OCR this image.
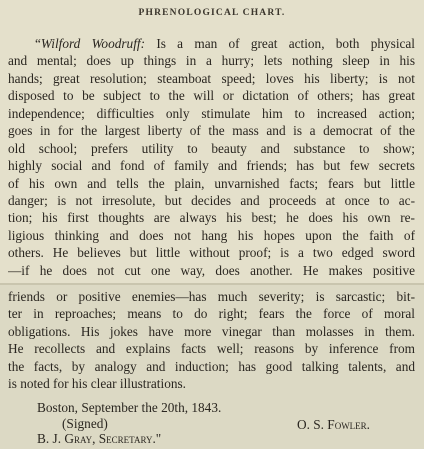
PHRENOLOGICAL CHART.
“Wilford Woodruff: Is a man of great action, both physical
and mental; does up things in a hurry; lets nothing sleep in his
hands; great resolution; steamboat speed; loves his liberty; is not
disposed to be subject to the will or dictation of others; has great
independence; difficulties only stimulate him to increased action;
goes in for the largest liberty of the mass and is a democrat of the
old school; prefers utility to beauty and substance to show;
highly social and fond of family and friends; has but few secrets
of his own and tells the plain, unvarnished facts; fears but little
danger; is not irresolute, but decides and proceeds at once to ac-
tion; his first thoughts are always his best; he does his own re-
ligious thinking and does not hang his hopes upon the faith of
others. He believes but little without proof; is a two edged sword
—if he does not cut one way, does another. He makes positive
friends or positive enemies—has much severity; is sarcastic; bit-
ter in reproaches; means to do right; fears the force of moral
obligations. His jokes have more vinegar than molasses in them.
He recollects and explains facts well; reasons by inference from
the facts, by analogy and induction; has good talking talents, and
is noted for his clear illustrations.
Boston, September the 20th, 1843.
(Signed)	O. S. Fowler.
B. J. Gray, Secretary."
